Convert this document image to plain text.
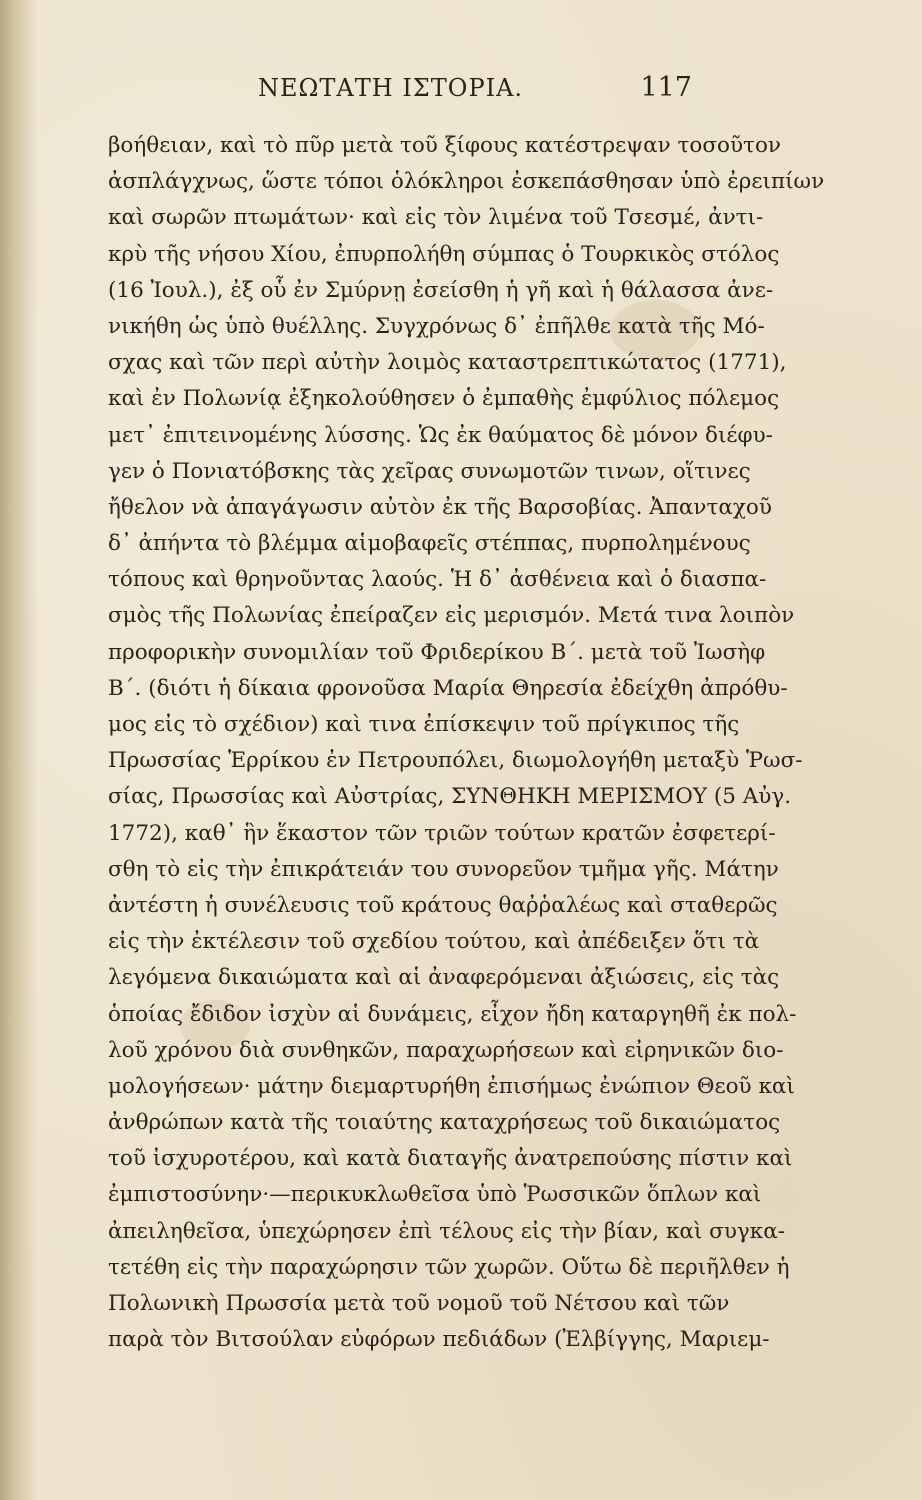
ΝΕΩΤΑΤΗ ΙΣΤΟΡΙΑ.	117
βοήθειαν, καὶ τὸ πῦρ μετὰ τοῦ ξίφους κατέστρεψαν τοσοῦτον
ἀσπλάγχνως, ὥστε τόποι ὁλόκληροι ἐσκεπάσθησαν ὑπὸ ἐρειπίων
καὶ σωρῶν πτωμάτων· καὶ εἰς τὸν λιμένα τοῦ Τσεσμέ, ἀντι-
κρὺ τῆς νήσου Χίου, ἐπυρπολήθη σύμπας ὁ Τουρκικὸς στόλος
(16 Ἰουλ.), ἐξ οὗ ἐν Σμύρνῃ ἐσείσθη ἡ γῆ καὶ ἡ θάλασσα ἀνε-
νικήθη ὡς ὑπὸ θυέλλης. Συγχρόνως δ᾽ ἐπῆλθε κατὰ τῆς Μό-
σχας καὶ τῶν περὶ αὐτὴν λοιμὸς καταστρεπτικώτατος (1771),
καὶ ἐν Πολωνίᾳ ἐξηκολούθησεν ὁ ἐμπαθὴς ἐμφύλιος πόλεμος
μετ᾽ ἐπιτεινομένης λύσσης. Ὡς ἐκ θαύματος δὲ μόνον διέφυ-
γεν ὁ Πονιατόβσκης τὰς χεῖρας συνωμοτῶν τινων, οἵτινες
ἤθελον νὰ ἀπαγάγωσιν αὐτὸν ἐκ τῆς Βαρσοβίας. Ἀπανταχοῦ
δ᾽ ἀπήντα τὸ βλέμμα αἱμοβαφεῖς στέππας, πυρπολημένους
τόπους καὶ θρηνοῦντας λαούς. Ἡ δ᾽ ἀσθένεια καὶ ὁ διασπα-
σμὸς τῆς Πολωνίας ἐπείραζεν εἰς μερισμόν. Μετά τινα λοιπὸν
προφορικὴν συνομιλίαν τοῦ Φριδερίκου Β΄. μετὰ τοῦ Ἰωσὴφ
Β΄. (διότι ἡ δίκαια φρονοῦσα Μαρία Θηρεσία ἐδείχθη ἀπρόθυ-
μος εἰς τὸ σχέδιον) καὶ τινα ἐπίσκεψιν τοῦ πρίγκιπος τῆς
Πρωσσίας Ἑρρίκου ἐν Πετρουπόλει, διωμολογήθη μεταξὺ Ῥωσ-
σίας, Πρωσσίας καὶ Αὐστρίας, ΣΥΝΘΗΚΗ ΜΕΡΙΣΜΟΥ (5 Αὐγ.
1772), καθ᾽ ἣν ἕκαστον τῶν τριῶν τούτων κρατῶν ἐσφετερί-
σθη τὸ εἰς τὴν ἐπικράτειάν του συνορεῦον τμῆμα γῆς. Μάτην
ἀντέστη ἡ συνέλευσις τοῦ κράτους θαῤῥαλέως καὶ σταθερῶς
εἰς τὴν ἐκτέλεσιν τοῦ σχεδίου τούτου, καὶ ἀπέδειξεν ὅτι τὰ
λεγόμενα δικαιώματα καὶ αἱ ἀναφερόμεναι ἀξιώσεις, εἰς τὰς
ὁποίας ἔδιδον ἰσχὺν αἱ δυνάμεις, εἶχον ἤδη καταργηθῆ ἐκ πολ-
λοῦ χρόνου διὰ συνθηκῶν, παραχωρήσεων καὶ εἰρηνικῶν διο-
μολογήσεων· μάτην διεμαρτυρήθη ἐπισήμως ἐνώπιον Θεοῦ καὶ
ἀνθρώπων κατὰ τῆς τοιαύτης καταχρήσεως τοῦ δικαιώματος
τοῦ ἰσχυροτέρου, καὶ κατὰ διαταγῆς ἀνατρεπούσης πίστιν καὶ
ἐμπιστοσύνην·—περικυκλωθεῖσα ὑπὸ Ῥωσσικῶν ὅπλων καὶ
ἀπειληθεῖσα, ὑπεχώρησεν ἐπὶ τέλους εἰς τὴν βίαν, καὶ συγκα-
τετέθη εἰς τὴν παραχώρησιν τῶν χωρῶν. Οὕτω δὲ περιῆλθεν ἡ
Πολωνικὴ Πρωσσία μετὰ τοῦ νομοῦ τοῦ Νέτσου καὶ τῶν
παρὰ τὸν Βιτσούλαν εὐφόρων πεδιάδων (Ἐλβίγγης, Μαριεμ-
